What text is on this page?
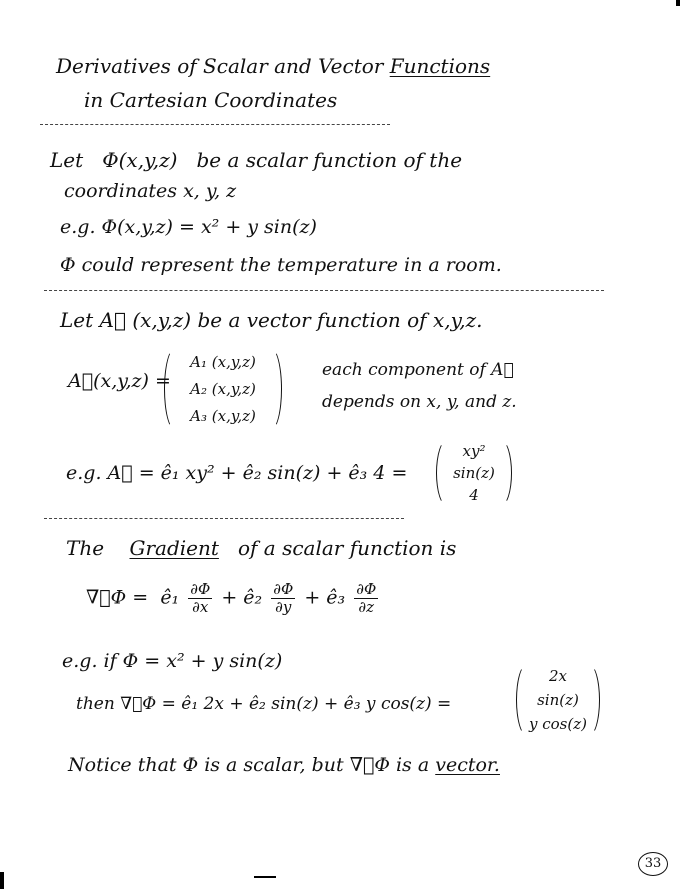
Derivatives of Scalar and Vector Functions
in Cartesian Coordinates
Let Φ(x,y,z) be a scalar function of the
coordinates x, y, z
e.g. Φ(x,y,z) = x² + y sin(z)
Φ could represent the temperature in a room.
Let A⃗ (x,y,z) be a vector function of x,y,z.
A⃗(x,y,z) =
A₁ (x,y,z)
A₂ (x,y,z)
A₃ (x,y,z)
each component of A⃗
depends on x, y, and z.
e.g. A⃗ = ê₁ xy² + ê₂ sin(z) + ê₃ 4 =
xy²
sin(z)
4
The Gradient of a scalar function is
∇⃗Φ = ê₁ $\frac{\partial\Phi}{\partial x}$ + ê₂ $\frac{\partial\Phi}{\partial y}$ + ê₃ $\frac{\partial\Phi}{\partial z}$
e.g. if Φ = x² + y sin(z)
then ∇⃗Φ = ê₁ 2x + ê₂ sin(z) + ê₃ y cos(z) =
2x
sin(z)
y cos(z)
Notice that Φ is a scalar, but ∇⃗Φ is a vector.
33
